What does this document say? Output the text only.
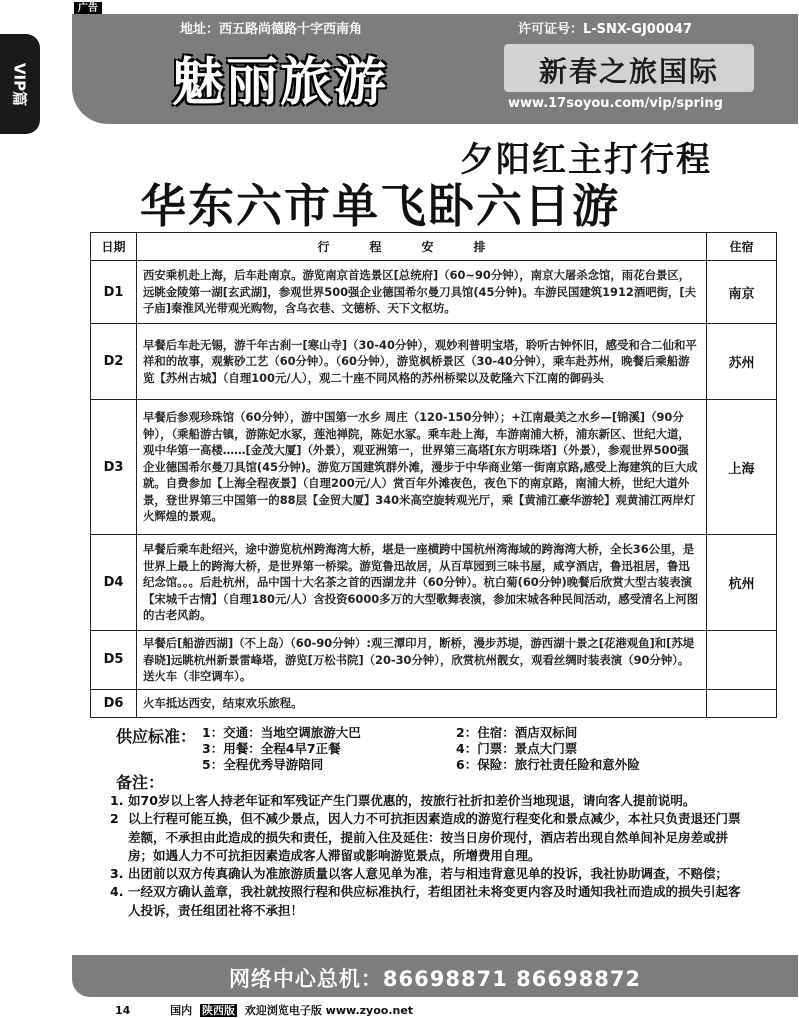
广告
VIP篇
地址：西五路尚德路十字西南角	许可证号：L-SNX-GJ00047
魅丽旅游	新春之旅国际
www.17soyou.com/vip/spring
夕阳红主打行程
华东六市单飞卧六日游
日期	行程安排	住宿
D1	西安乘机赴上海，后车赴南京。游览南京首选景区[总统府]（60~90分钟），南京大屠杀念馆，雨花台景区，远眺金陵第一湖[玄武湖]，参观世界500强企业德国希尔曼刀具馆(45分钟)。车游民国建筑1912酒吧街，[夫子庙]秦淮风光带观光购物，含乌衣巷、文德桥、天下文枢坊。	南京
D2	早餐后车赴无锡，游千年古刹一[寒山寺]（30-40分钟），观妙利普明宝塔，聆听古钟怀旧，感受和合二仙和平祥和的故事，观紫砂工艺（60分钟）。（60分钟），游览枫桥景区（30-40分钟），乘车赴苏州，晚餐后乘船游览【苏州古城】（自理100元/人），观二十座不同风格的苏州桥梁以及乾隆六下江南的御码头	苏州
D3	早餐后参观珍珠馆（60分钟），游中国第一水乡 周庄（120-150分钟）；+江南最美之水乡—[锦溪]（90分钟），（乘船游古镇，游陈妃水冢，莲池禅院，陈妃水冢。乘车赴上海，车游南浦大桥，浦东新区、世纪大道，观中华第一高楼……[金茂大厦]（外景），观亚洲第一，世界第三高塔[东方明珠塔]（外景），参观世界500强企业德国希尔曼刀具馆(45分钟)。游览万国建筑群外滩，漫步于中华商业第一街南京路,感受上海建筑的巨大成就。自费参加【上海全程夜景】（自理200元/人）赏百年外滩夜色，夜色下的南京路，南浦大桥，世纪大道外景，登世界第三中国第一的88层【金贸大厦】340米高空旋转观光厅，乘【黄浦江豪华游轮】观黄浦江两岸灯火辉煌的景观。	上海
D4	早餐后乘车赴绍兴，途中游览杭州跨海湾大桥，堪是一座横跨中国杭州湾海域的跨海湾大桥，全长36公里，是世界上最上的跨海大桥，是世界第一桥梁。游览鲁迅故居，从百草园到三味书屋，咸亨酒店，鲁迅祖居，鲁迅纪念馆。。。后赴杭州，品中国十大名茶之首的西湖龙井（60分钟）。杭白菊(60分钟)晚餐后欣赏大型古装表演【宋城千古情】（自理180元/人）含投资6000多万的大型歌舞表演，参加宋城各种民间活动，感受清名上河图的古老风韵。	杭州
D5	早餐后[船游西湖]（不上岛）（60-90分钟）:观三潭印月，断桥，漫步苏堤，游西湖十景之[花港观鱼]和[苏堤春晓]远眺杭州新景雷峰塔，游览[万松书院]（20-30分钟），欣赏杭州靓女，观看丝绸时装表演（90分钟）。送火车（非空调车）。	
D6	火车抵达西安，结束欢乐旅程。	
供应标准： 1：交通：当地空调旅游大巴	2：住宿：酒店双标间
3：用餐：全程4早7正餐	4：门票：景点大门票
5：全程优秀导游陪同	6：保险：旅行社责任险和意外险
备注：
1. 如70岁以上客人持老年证和军残证产生门票优惠的，按旅行社折扣差价当地现退，请向客人提前说明。
2 以上行程可能互换，但不减少景点，因人力不可抗拒因素造成的游览行程变化和景点减少，本社只负责退还门票差额，不承担由此造成的损失和责任，提前入住及延住：按当日房价现付，酒店若出现自然单间补足房差或拼房；如遇人力不可抗拒因素造成客人滞留或影响游览景点，所增费用自理。
3. 出团前以双方传真确认为准旅游质量以客人意见单为准，若与相违背意见单的投诉，我社协助调查，不赔偿；
4. 一经双方确认盖章，我社就按照行程和供应标准执行，若组团社未将变更内容及时通知我社而造成的损失引起客人投诉，责任组团社将不承担！
网络中心总机：86698871 86698872
14	国内 陕西版 欢迎浏览电子版 www.zyoo.net
